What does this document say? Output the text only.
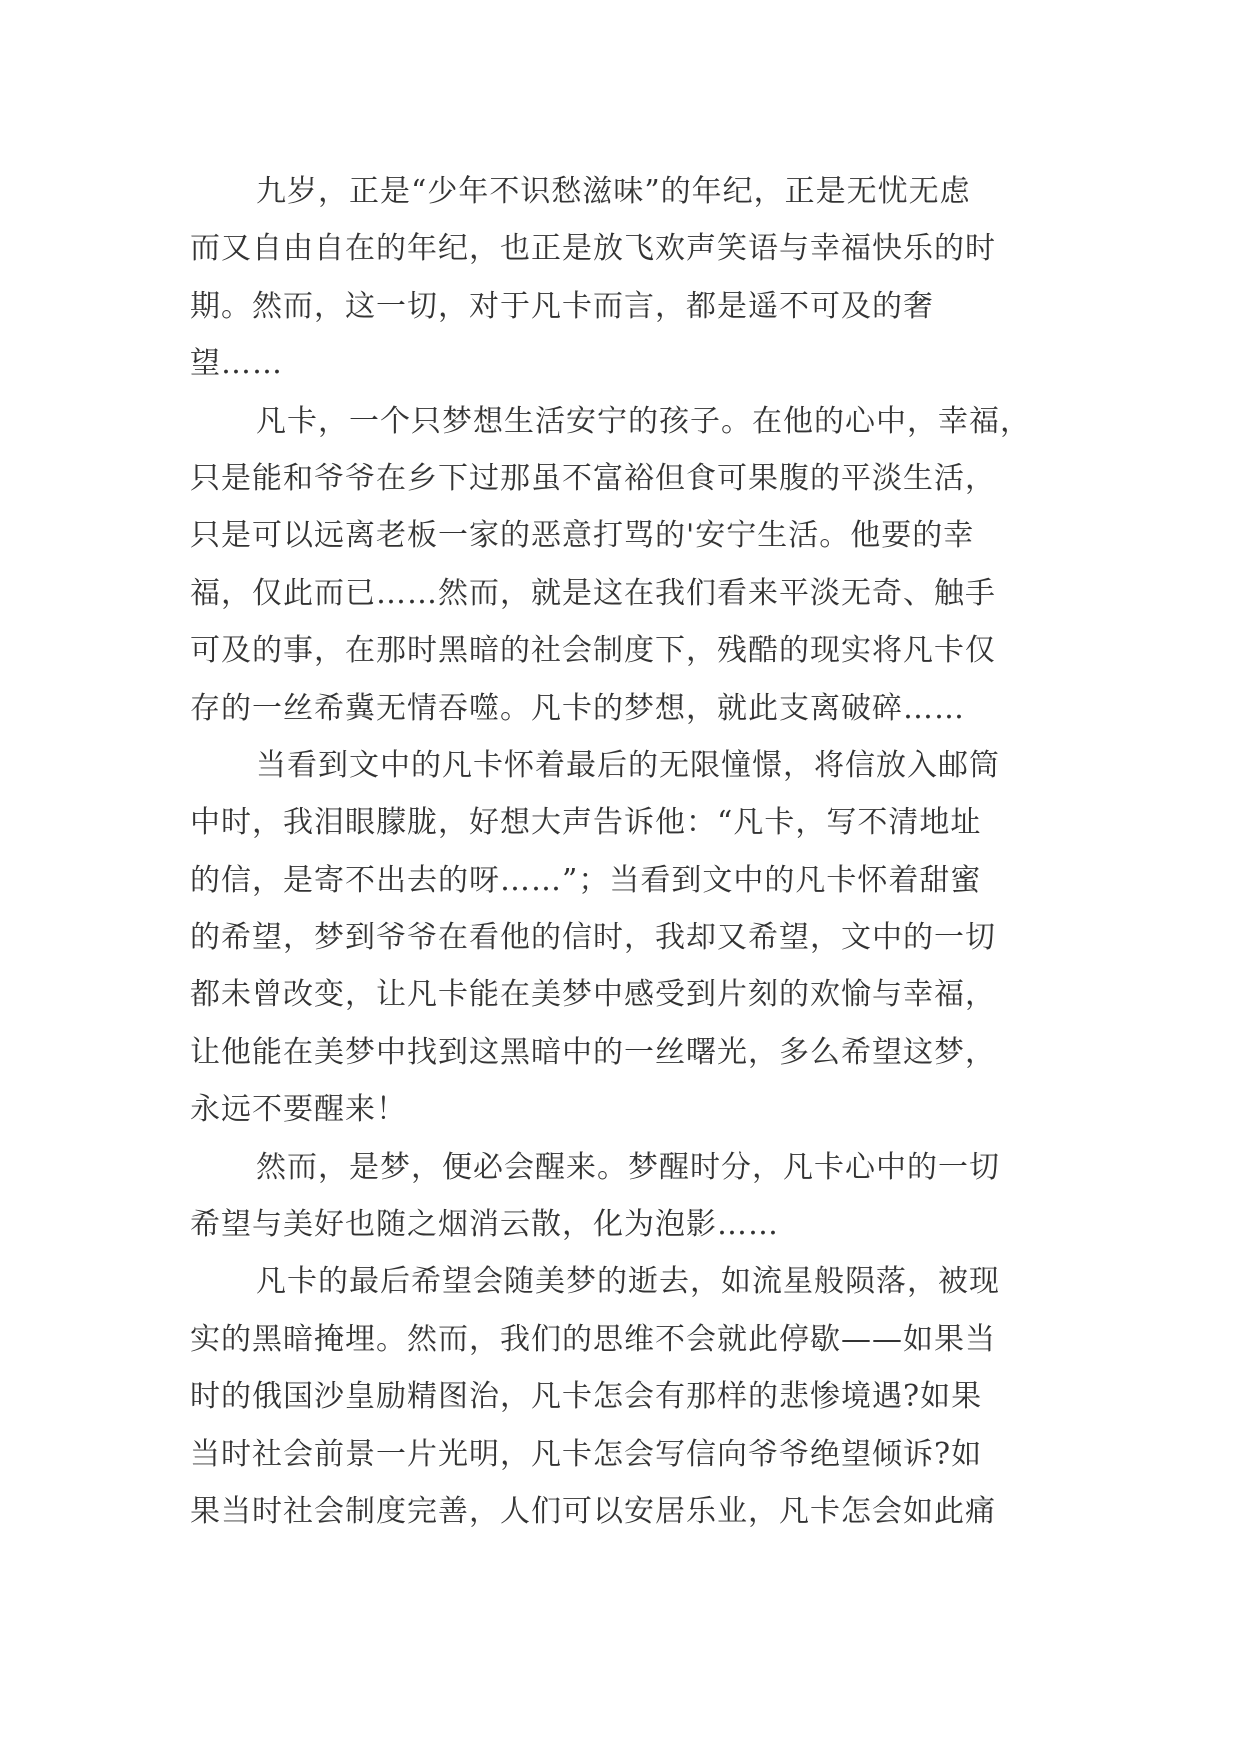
九岁，正是“少年不识愁滋味”的年纪，正是无忧无虑
而又自由自在的年纪，也正是放飞欢声笑语与幸福快乐的时
期。然而，这一切，对于凡卡而言，都是遥不可及的奢
望……
凡卡，一个只梦想生活安宁的孩子。在他的心中，幸福，
只是能和爷爷在乡下过那虽不富裕但食可果腹的平淡生活，
只是可以远离老板一家的恶意打骂的'安宁生活。他要的幸
福，仅此而已……然而，就是这在我们看来平淡无奇、触手
可及的事，在那时黑暗的社会制度下，残酷的现实将凡卡仅
存的一丝希冀无情吞噬。凡卡的梦想，就此支离破碎……
当看到文中的凡卡怀着最后的无限憧憬，将信放入邮筒
中时，我泪眼朦胧，好想大声告诉他：“凡卡，写不清地址
的信，是寄不出去的呀……”；当看到文中的凡卡怀着甜蜜
的希望，梦到爷爷在看他的信时，我却又希望，文中的一切
都未曾改变，让凡卡能在美梦中感受到片刻的欢愉与幸福，
让他能在美梦中找到这黑暗中的一丝曙光，多么希望这梦，
永远不要醒来！
然而，是梦，便必会醒来。梦醒时分，凡卡心中的一切
希望与美好也随之烟消云散，化为泡影……
凡卡的最后希望会随美梦的逝去，如流星般陨落，被现
实的黑暗掩埋。然而，我们的思维不会就此停歇——如果当
时的俄国沙皇励精图治，凡卡怎会有那样的悲惨境遇?如果
当时社会前景一片光明，凡卡怎会写信向爷爷绝望倾诉?如
果当时社会制度完善，人们可以安居乐业，凡卡怎会如此痛
